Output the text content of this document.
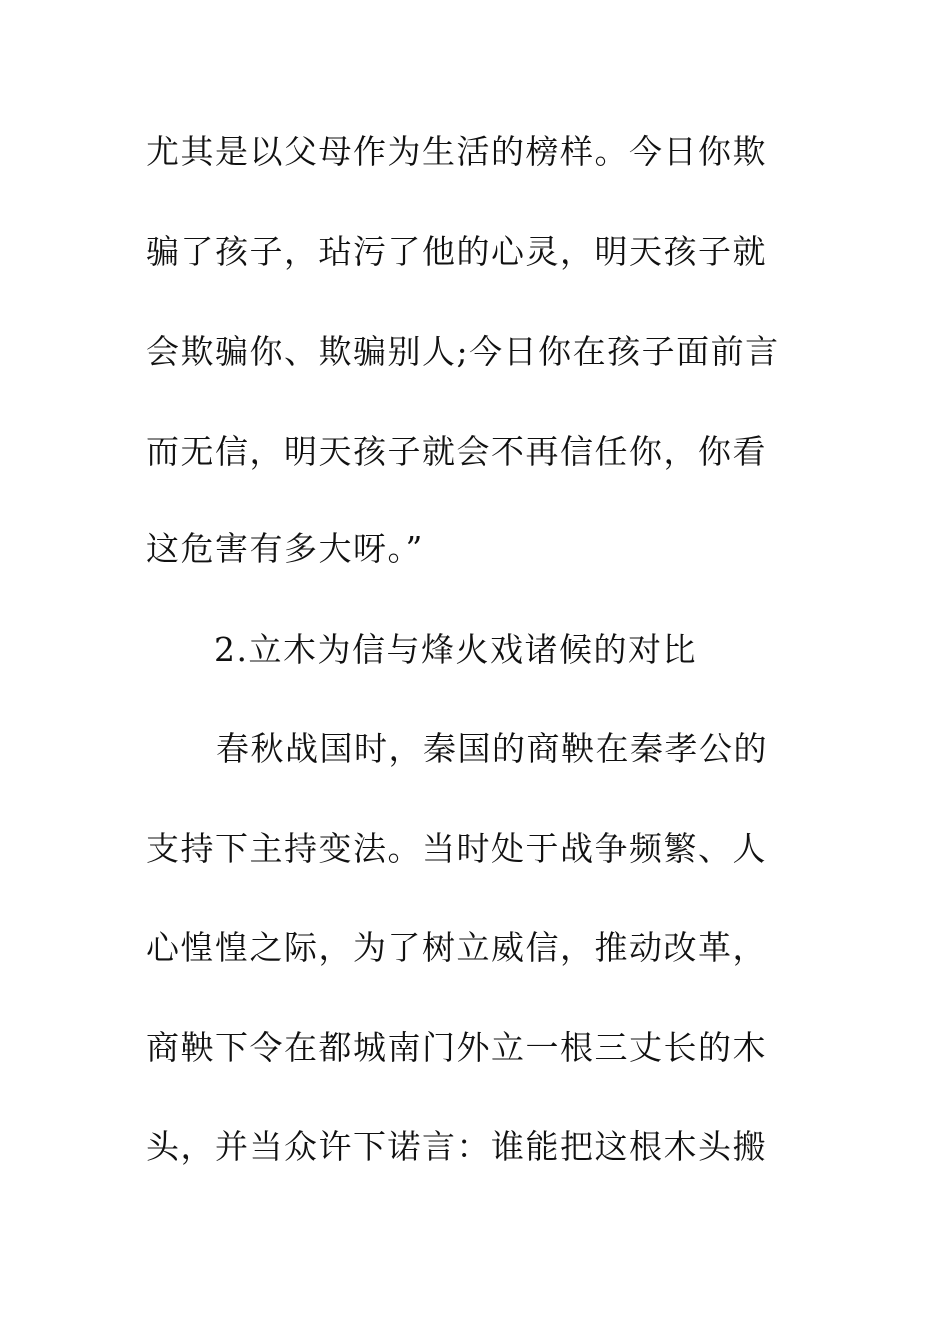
尤其是以父母作为生活的榜样。今日你欺
骗了孩子，玷污了他的心灵，明天孩子就
会欺骗你、欺骗别人;今日你在孩子面前言
而无信，明天孩子就会不再信任你，你看
这危害有多大呀。”
2.立木为信与烽火戏诸候的对比
春秋战国时，秦国的商鞅在秦孝公的
支持下主持变法。当时处于战争频繁、人
心惶惶之际，为了树立威信，推动改革，
商鞅下令在都城南门外立一根三丈长的木
头，并当众许下诺言：谁能把这根木头搬
